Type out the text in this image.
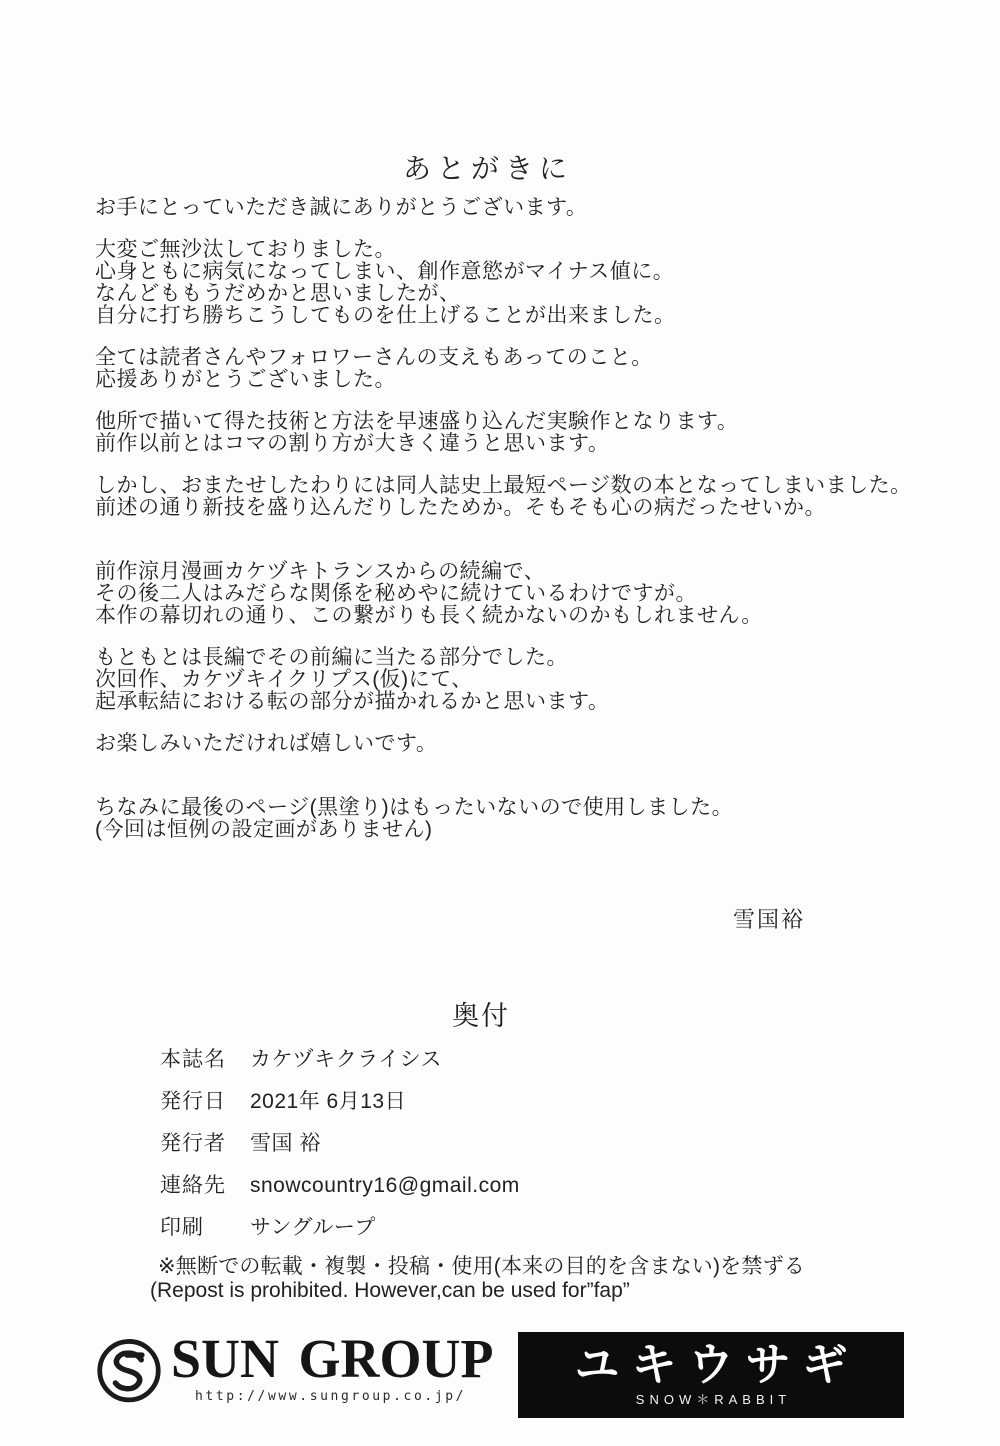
あとがきに
お手にとっていただき誠にありがとうございます。
大変ご無沙汰しておりました。
心身ともに病気になってしまい、創作意慾がマイナス値に。
なんどももうだめかと思いましたが、
自分に打ち勝ちこうしてものを仕上げることが出来ました。
全ては読者さんやフォロワーさんの支えもあってのこと。
応援ありがとうございました。
他所で描いて得た技術と方法を早速盛り込んだ実験作となります。
前作以前とはコマの割り方が大きく違うと思います。
しかし、おまたせしたわりには同人誌史上最短ページ数の本となってしまいました。
前述の通り新技を盛り込んだりしたためか。そもそも心の病だったせいか。
前作涼月漫画カケヅキトランスからの続編で、
その後二人はみだらな関係を秘めやに続けているわけですが。
本作の幕切れの通り、この繋がりも長く続かないのかもしれません。
もともとは長編でその前編に当たる部分でした。
次回作、カケヅキイクリプス(仮)にて、
起承転結における転の部分が描かれるかと思います。
お楽しみいただければ嬉しいです。
ちなみに最後のページ(黒塗り)はもったいないので使用しました。
(今回は恒例の設定画がありません)
雪国裕
奥付
本誌名 カケヅキクライシス
発行日 2021年 6月13日
発行者 雪国 裕
連絡先 snowcountry16@gmail.com
印刷 サングループ
※無断での転載・複製・投稿・使用(本来の目的を含まない)を禁ずる
(Repost is prohibited. However,can be used for”fap”
SUN GROUP
http://www.sungroup.co.jp/
ユキウサギ
SNOW＊RABBIT
